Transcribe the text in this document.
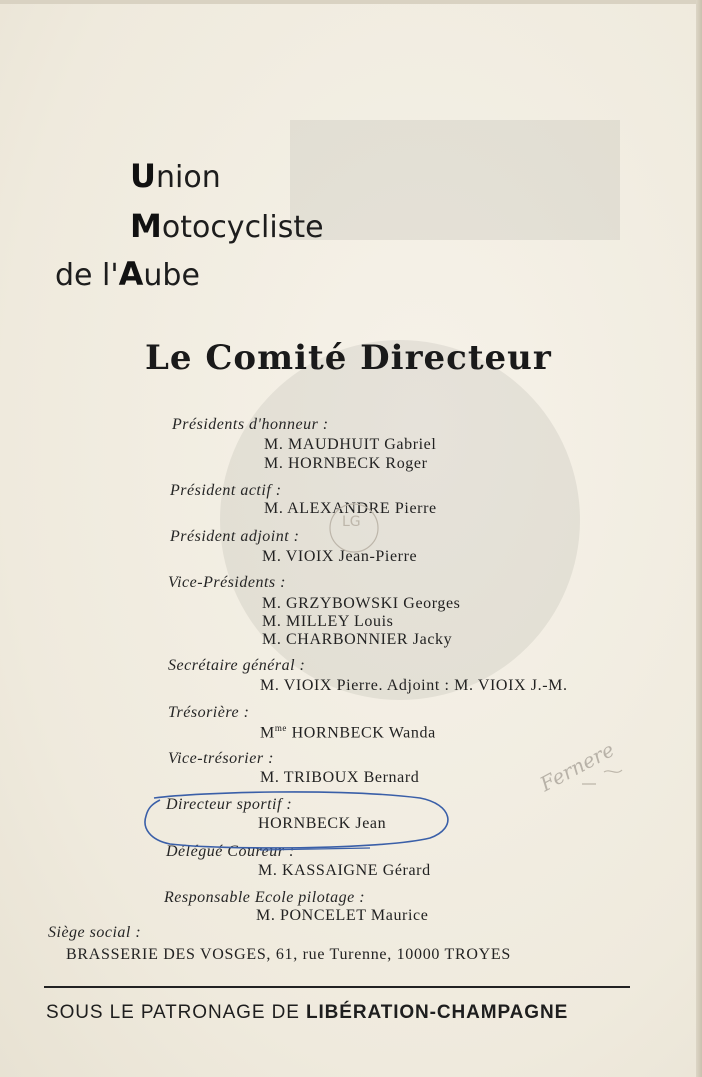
Union
Motocycliste
de l'Aube
Le Comité Directeur
Présidents d'honneur :
M. MAUDHUIT Gabriel
M. HORNBECK Roger
Président actif :
M. ALEXANDRE Pierre
Président adjoint :
M. VIOIX Jean-Pierre
Vice-Présidents :
M. GRZYBOWSKI Georges
M. MILLEY Louis
M. CHARBONNIER Jacky
Secrétaire général :
M. VIOIX Pierre. Adjoint : M. VIOIX J.-M.
Trésorière :
$M^{me}$ HORNBECK Wanda
Vice-trésorier :
M. TRIBOUX Bernard
Directeur sportif :
HORNBECK Jean
Délégué Coureur :
M. KASSAIGNE Gérard
Responsable Ecole pilotage :
M. PONCELET Maurice
Siège social :
BRASSERIE DES VOSGES, 61, rue Turenne, 10000 TROYES
SOUS LE PATRONAGE DE LIBÉRATION-CHAMPAGNE
LG
Fernere
